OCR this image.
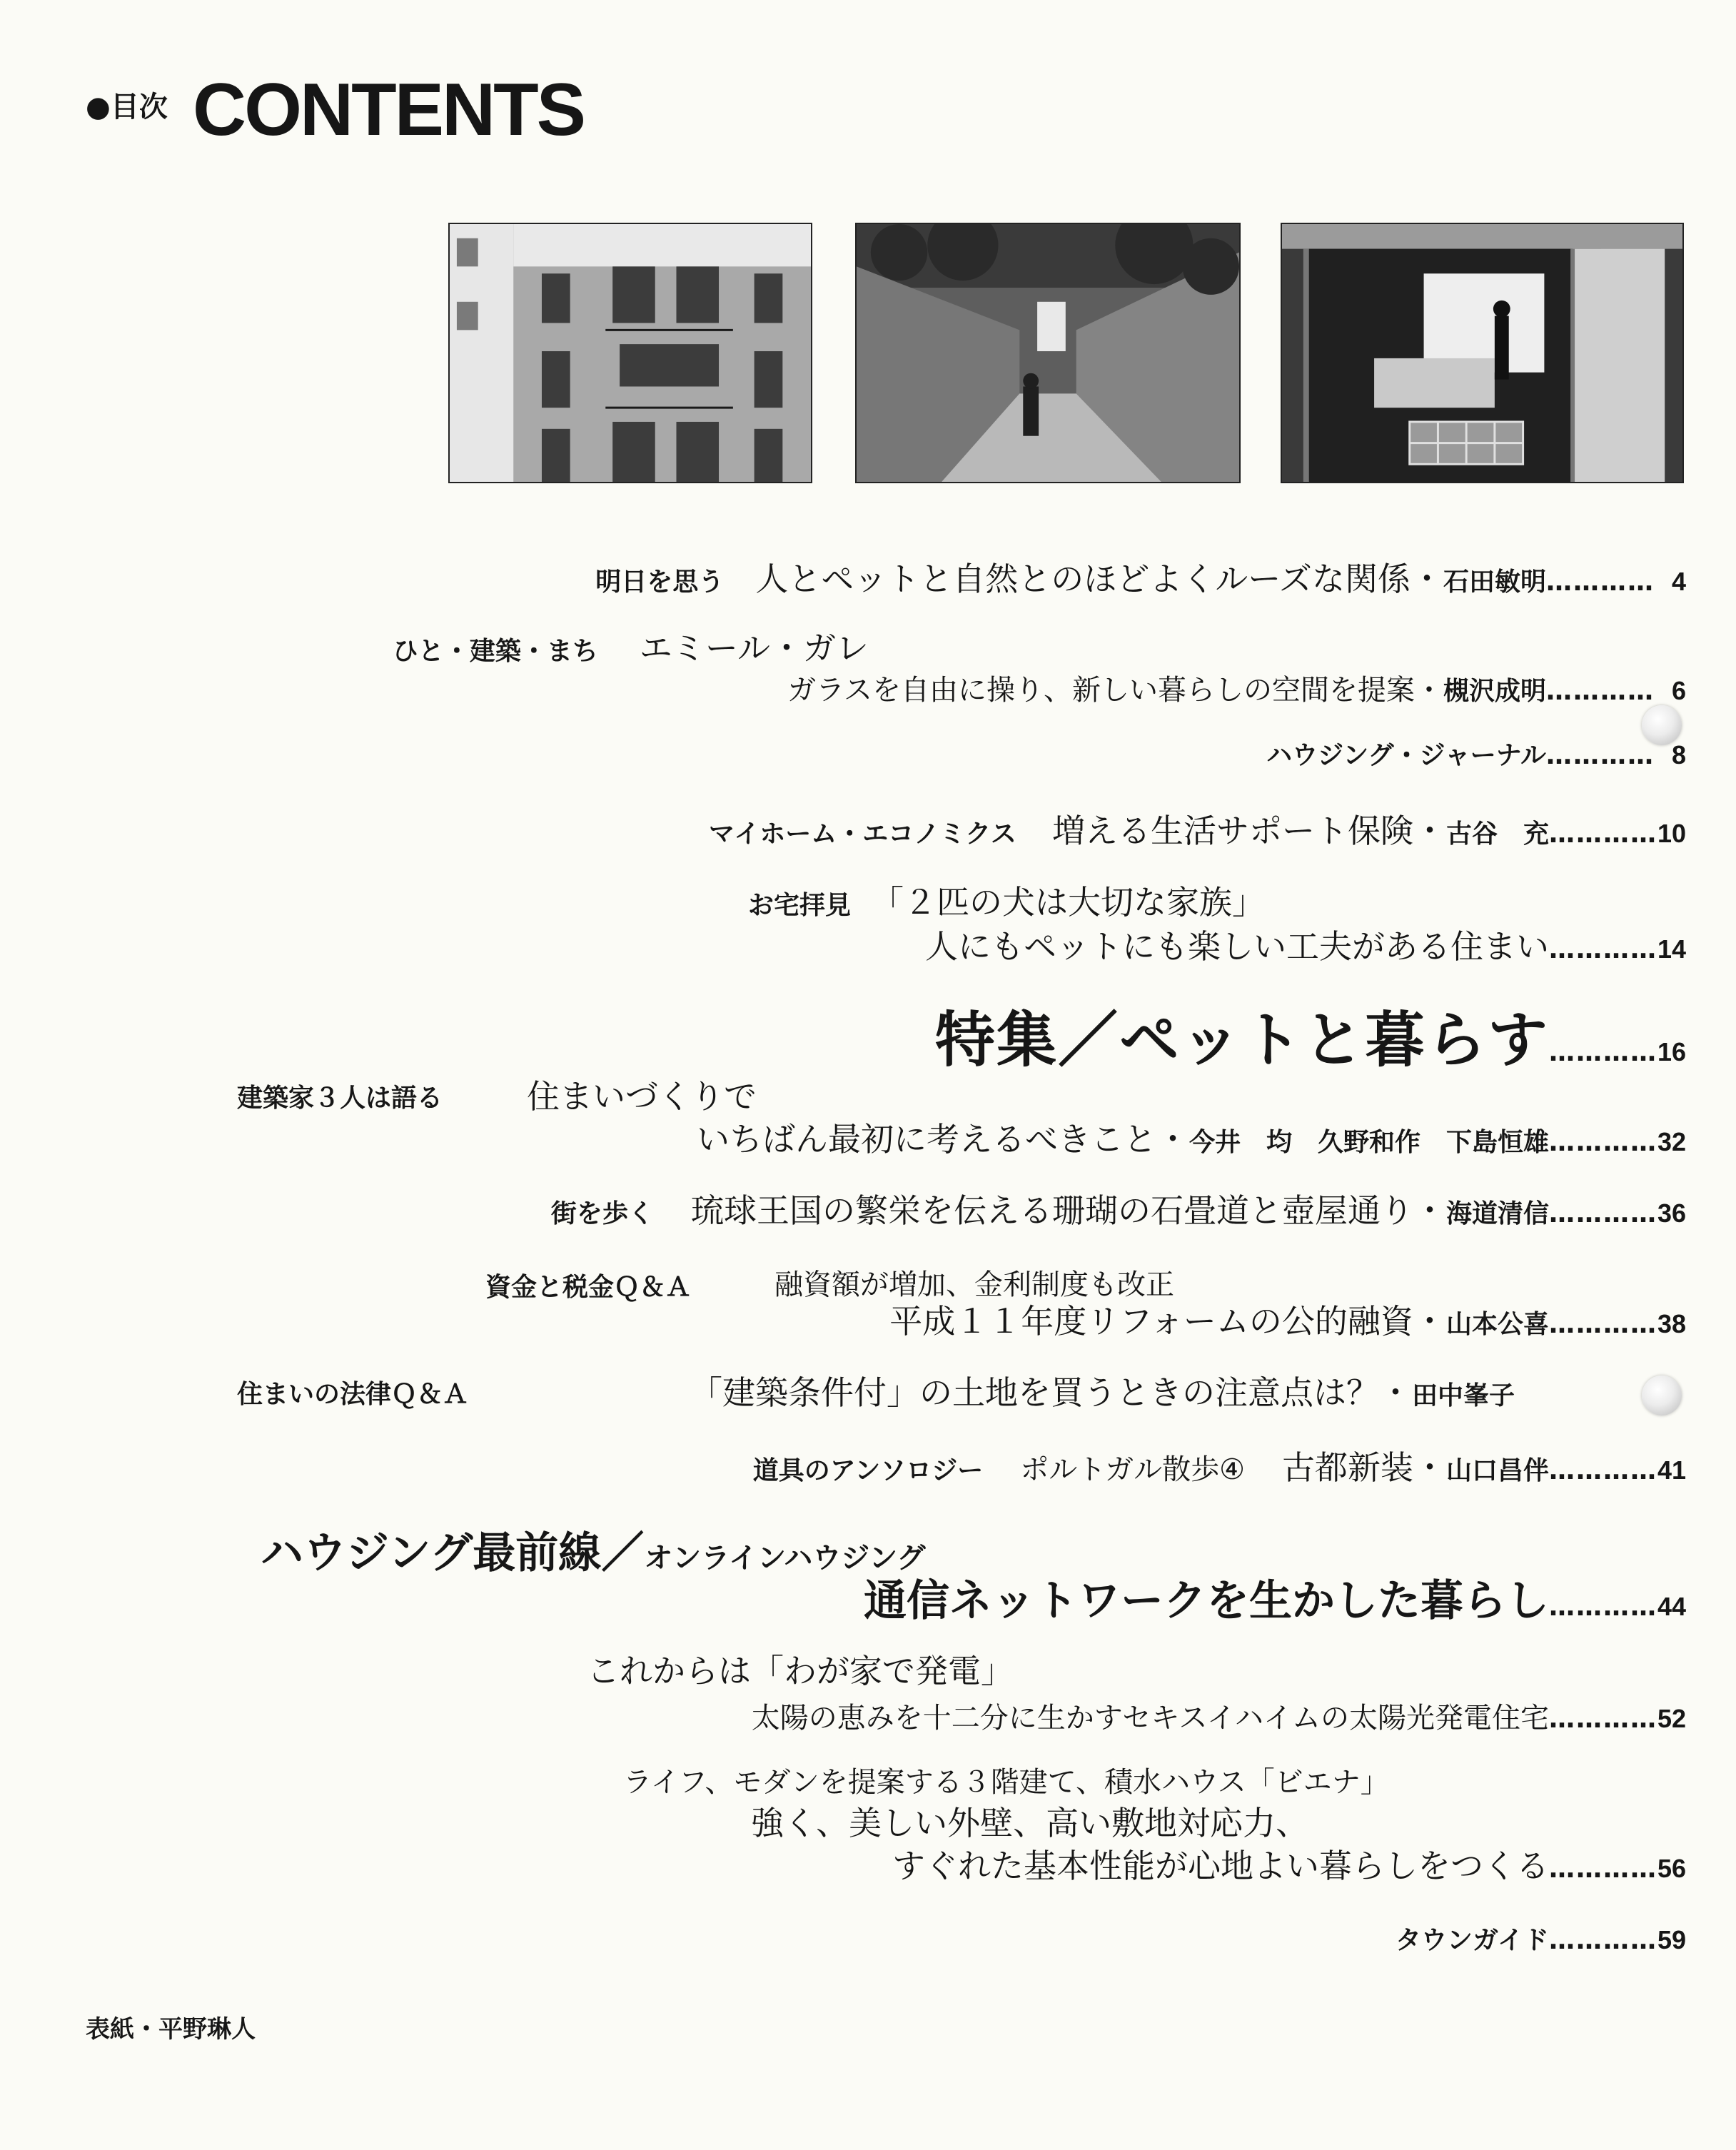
●目次 CONTENTS
明日を思う 人とペットと自然とのほどよくルーズな関係・ 石田敏明 ………… 4
ひと・建築・まち エミール・ガレ
ガラスを自由に操り、新しい暮らしの空間を提案・ 槻沢成明 ………… 6
ハウジング・ジャーナル ………… 8
マイホーム・エコノミクス 増える生活サポート保険・ 古谷　充 ………… 10
お宅拝見 「２匹の犬は大切な家族」
人にもペットにも楽しい工夫がある住まい ………… 14
特集／ペットと暮らす ………… 16
建築家３人は語る	住まいづくりで
いちばん最初に考えるべきこと・ 今井　均　久野和作　下島恒雄 ………… 32
街を歩く 琉球王国の繁栄を伝える珊瑚の石畳道と壺屋通り・ 海道清信 ………… 36
資金と税金Ｑ＆Ａ	融資額が増加、金利制度も改正
平成１１年度リフォームの公的融資・ 山本公喜 ………… 38
住まいの法律Ｑ＆Ａ	「建築条件付」の土地を買うときの注意点は？・ 田中峯子
道具のアンソロジー ポルトガル散歩④ 古都新装・ 山口昌伴 ………… 41
ハウジング最前線／ オンラインハウジング
通信ネットワークを生かした暮らし ………… 44
これからは「わが家で発電」
太陽の恵みを十二分に生かすセキスイハイムの太陽光発電住宅 ………… 52
ライフ、モダンを提案する３階建て、積水ハウス「ビエナ」
強く、美しい外壁、高い敷地対応力、
すぐれた基本性能が心地よい暮らしをつくる ………… 56
タウンガイド ………… 59
表紙・平野琳人
